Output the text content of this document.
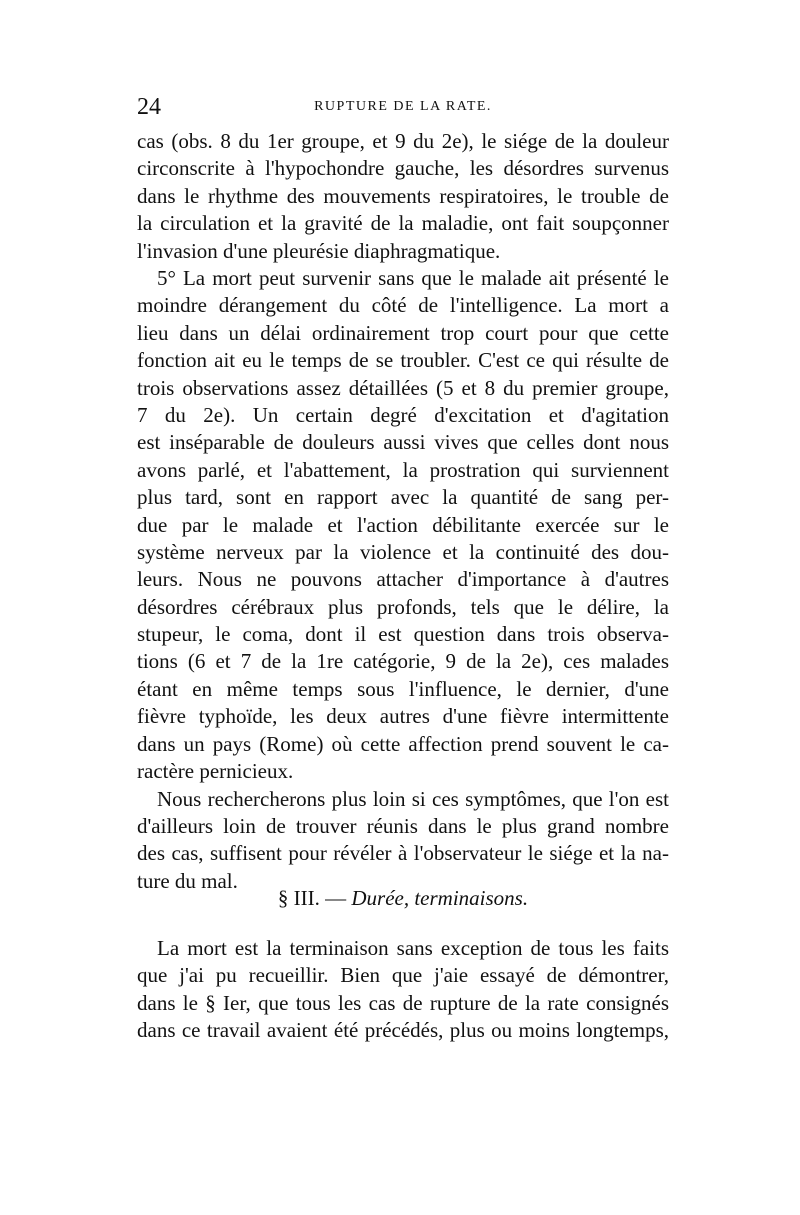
24	RUPTURE DE LA RATE.

cas (obs. 8 du 1er groupe, et 9 du 2e), le siége de la douleur
circonscrite à l'hypochondre gauche, les désordres survenus
dans le rhythme des mouvements respiratoires, le trouble de
la circulation et la gravité de la maladie, ont fait soupçonner
l'invasion d'une pleurésie diaphragmatique.

5° La mort peut survenir sans que le malade ait présenté le
moindre dérangement du côté de l'intelligence. La mort a
lieu dans un délai ordinairement trop court pour que cette
fonction ait eu le temps de se troubler. C'est ce qui résulte de
trois observations assez détaillées (5 et 8 du premier groupe,
7 du 2e). Un certain degré d'excitation et d'agitation
est inséparable de douleurs aussi vives que celles dont nous
avons parlé, et l'abattement, la prostration qui surviennent
plus tard, sont en rapport avec la quantité de sang per-
due par le malade et l'action débilitante exercée sur le
système nerveux par la violence et la continuité des dou-
leurs. Nous ne pouvons attacher d'importance à d'autres
désordres cérébraux plus profonds, tels que le délire, la
stupeur, le coma, dont il est question dans trois observa-
tions (6 et 7 de la 1re catégorie, 9 de la 2e), ces malades
étant en même temps sous l'influence, le dernier, d'une
fièvre typhoïde, les deux autres d'une fièvre intermittente
dans un pays (Rome) où cette affection prend souvent le ca-
ractère pernicieux.

Nous rechercherons plus loin si ces symptômes, que l'on est
d'ailleurs loin de trouver réunis dans le plus grand nombre
des cas, suffisent pour révéler à l'observateur le siége et la na-
ture du mal.

§ III. — Durée, terminaisons.

La mort est la terminaison sans exception de tous les faits
que j'ai pu recueillir. Bien que j'aie essayé de démontrer,
dans le § Ier, que tous les cas de rupture de la rate consignés
dans ce travail avaient été précédés, plus ou moins longtemps,
